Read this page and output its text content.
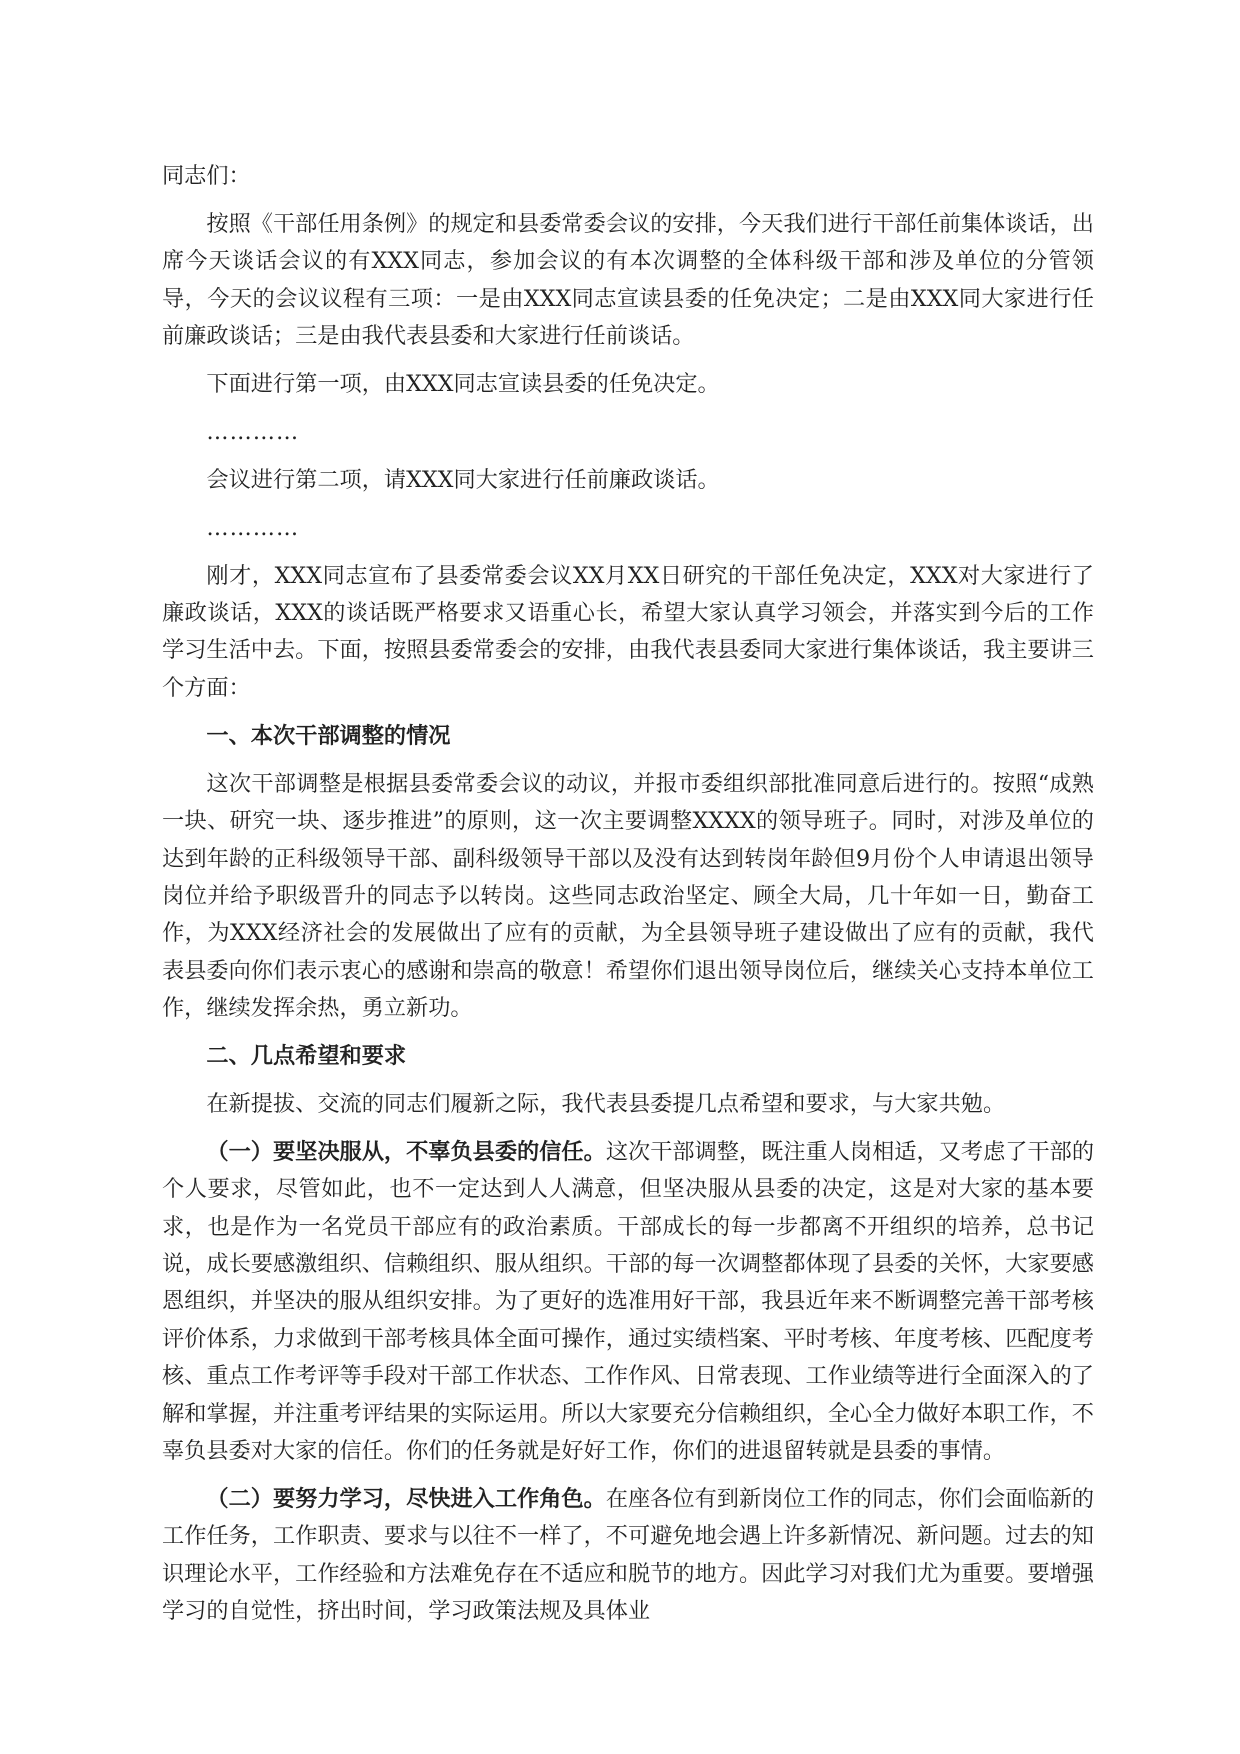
同志们：

按照《干部任用条例》的规定和县委常委会议的安排，今天我们进行干部任前集体谈话，出席今天谈话会议的有XXX同志，参加会议的有本次调整的全体科级干部和涉及单位的分管领导，今天的会议议程有三项：一是由XXX同志宣读县委的任免决定；二是由XXX同大家进行任前廉政谈话；三是由我代表县委和大家进行任前谈话。

下面进行第一项，由XXX同志宣读县委的任免决定。

…………

会议进行第二项，请XXX同大家进行任前廉政谈话。

…………

刚才，XXX同志宣布了县委常委会议XX月XX日研究的干部任免决定，XXX对大家进行了廉政谈话，XXX的谈话既严格要求又语重心长，希望大家认真学习领会，并落实到今后的工作学习生活中去。下面，按照县委常委会的安排，由我代表县委同大家进行集体谈话，我主要讲三个方面：

一、本次干部调整的情况

这次干部调整是根据县委常委会议的动议，并报市委组织部批准同意后进行的。按照“成熟一块、研究一块、逐步推进”的原则，这一次主要调整XXXX的领导班子。同时，对涉及单位的达到年龄的正科级领导干部、副科级领导干部以及没有达到转岗年龄但9月份个人申请退出领导岗位并给予职级晋升的同志予以转岗。这些同志政治坚定、顾全大局，几十年如一日，勤奋工作，为XXX经济社会的发展做出了应有的贡献，为全县领导班子建设做出了应有的贡献，我代表县委向你们表示衷心的感谢和崇高的敬意！希望你们退出领导岗位后，继续关心支持本单位工作，继续发挥余热，勇立新功。

二、几点希望和要求

在新提拔、交流的同志们履新之际，我代表县委提几点希望和要求，与大家共勉。

（一）要坚决服从，不辜负县委的信任。这次干部调整，既注重人岗相适，又考虑了干部的个人要求，尽管如此，也不一定达到人人满意，但坚决服从县委的决定，这是对大家的基本要求，也是作为一名党员干部应有的政治素质。干部成长的每一步都离不开组织的培养，总书记说，成长要感激组织、信赖组织、服从组织。干部的每一次调整都体现了县委的关怀，大家要感恩组织，并坚决的服从组织安排。为了更好的选准用好干部，我县近年来不断调整完善干部考核评价体系，力求做到干部考核具体全面可操作，通过实绩档案、平时考核、年度考核、匹配度考核、重点工作考评等手段对干部工作状态、工作作风、日常表现、工作业绩等进行全面深入的了解和掌握，并注重考评结果的实际运用。所以大家要充分信赖组织，全心全力做好本职工作，不辜负县委对大家的信任。你们的任务就是好好工作，你们的进退留转就是县委的事情。

（二）要努力学习，尽快进入工作角色。在座各位有到新岗位工作的同志，你们会面临新的工作任务，工作职责、要求与以往不一样了，不可避免地会遇上许多新情况、新问题。过去的知识理论水平，工作经验和方法难免存在不适应和脱节的地方。因此学习对我们尤为重要。要增强学习的自觉性，挤出时间，学习政策法规及具体业
